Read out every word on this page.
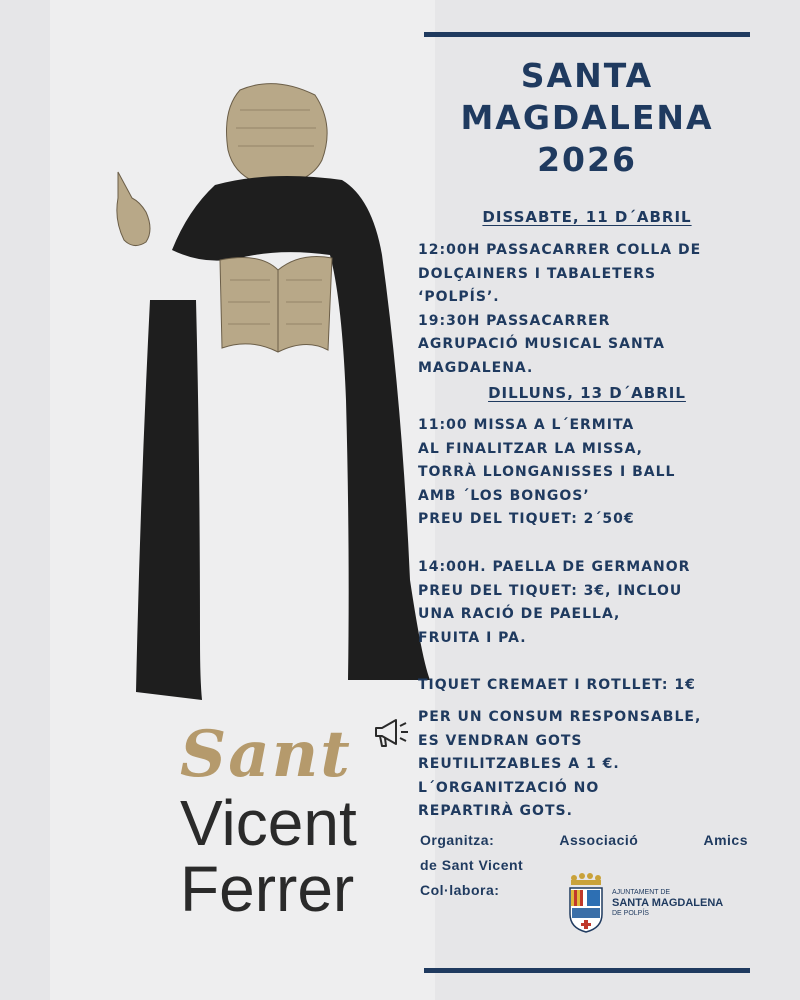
Sant
Vicent
Ferrer
SANTA
MAGDALENA
2026
DISSABTE, 11 D´ABRIL
12:00H PASSACARRER COLLA DE
DOLÇAINERS I TABALETERS
‘POLPÍS’.
19:30H PASSACARRER
AGRUPACIÓ MUSICAL SANTA
MAGDALENA.
DILLUNS, 13 D´ABRIL
11:00 MISSA A L´ERMITA
AL FINALITZAR LA MISSA,
TORRÀ LLONGANISSES I BALL
AMB ´LOS BONGOS’
PREU DEL TIQUET: 2´50€
14:00H. PAELLA DE GERMANOR
PREU DEL TIQUET: 3€, INCLOU
UNA RACIÓ DE PAELLA,
FRUITA I PA.
TIQUET CREMAET I ROTLLET: 1€
PER UN CONSUM RESPONSABLE,
ES VENDRAN GOTS
REUTILITZABLES A 1 €.
L´ORGANITZACIÓ NO
REPARTIRÀ GOTS.
Organitza:	Associació	Amics
de Sant Vicent
Col·labora:	AJUNTAMENT DE
SANTA MAGDALENA
DE POLPÍS
